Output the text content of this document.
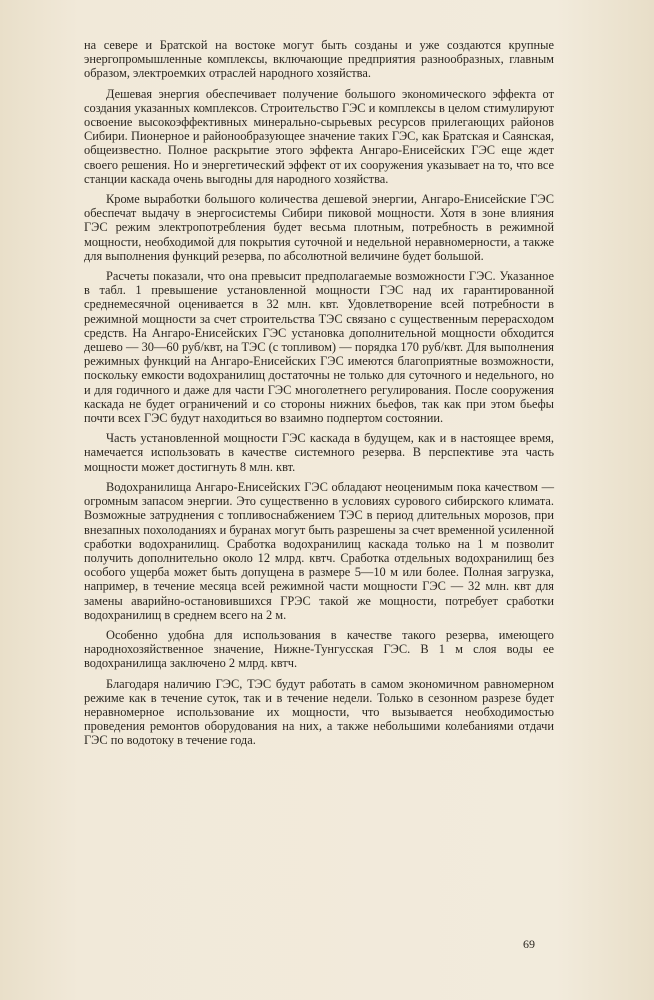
на севере и Братской на востоке могут быть созданы и уже создаются крупные энергопромышленные комплексы, включающие предприятия разнообразных, главным образом, электроемких отраслей народного хозяйства.

Дешевая энергия обеспечивает получение большого экономического эффекта от создания указанных комплексов. Строительство ГЭС и комплексы в целом стимулируют освоение высокоэффективных минерально-сырьевых ресурсов прилегающих районов Сибири. Пионерное и районообразующее значение таких ГЭС, как Братская и Саянская, общеизвестно. Полное раскрытие этого эффекта Ангаро-Енисейских ГЭС еще ждет своего решения. Но и энергетический эффект от их сооружения указывает на то, что все станции каскада очень выгодны для народного хозяйства.

Кроме выработки большого количества дешевой энергии, Ангаро-Енисейские ГЭС обеспечат выдачу в энергосистемы Сибири пиковой мощности. Хотя в зоне влияния ГЭС режим электропотребления будет весьма плотным, потребность в режимной мощности, необходимой для покрытия суточной и недельной неравномерности, а также для выполнения функций резерва, по абсолютной величине будет большой.

Расчеты показали, что она превысит предполагаемые возможности ГЭС. Указанное в табл. 1 превышение установленной мощности ГЭС над их гарантированной среднемесячной оценивается в 32 млн. квт. Удовлетворение всей потребности в режимной мощности за счет строительства ТЭС связано с существенным перерасходом средств. На Ангаро-Енисейских ГЭС установка дополнительной мощности обходится дешево — 30—60 руб/квт, на ТЭС (с топливом) — порядка 170 руб/квт. Для выполнения режимных функций на Ангаро-Енисейских ГЭС имеются благоприятные возможности, поскольку емкости водохранилищ достаточны не только для суточного и недельного, но и для годичного и даже для части ГЭС многолетнего регулирования. После сооружения каскада не будет ограничений и со стороны нижних бьефов, так как при этом бьефы почти всех ГЭС будут находиться во взаимно подпертом состоянии.

Часть установленной мощности ГЭС каскада в будущем, как и в настоящее время, намечается использовать в качестве системного резерва. В перспективе эта часть мощности может достигнуть 8 млн. квт.

Водохранилища Ангаро-Енисейских ГЭС обладают неоценимым пока качеством — огромным запасом энергии. Это существенно в условиях сурового сибирского климата. Возможные затруднения с топливоснабжением ТЭС в период длительных морозов, при внезапных похолоданиях и буранах могут быть разрешены за счет временной усиленной сработки водохранилищ. Сработка водохранилищ каскада только на 1 м позволит получить дополнительно около 12 млрд. квтч. Сработка отдельных водохранилищ без особого ущерба может быть допущена в размере 5—10 м или более. Полная загрузка, например, в течение месяца всей режимной части мощности ГЭС — 32 млн. квт для замены аварийно-остановившихся ГРЭС такой же мощности, потребует сработки водохранилищ в среднем всего на 2 м.

Особенно удобна для использования в качестве такого резерва, имеющего народнохозяйственное значение, Нижне-Тунгусская ГЭС. В 1 м слоя воды ее водохранилища заключено 2 млрд. квтч.

Благодаря наличию ГЭС, ТЭС будут работать в самом экономичном равномерном режиме как в течение суток, так и в течение недели. Только в сезонном разрезе будет неравномерное использование их мощности, что вызывается необходимостью проведения ремонтов оборудования на них, а также небольшими колебаниями отдачи ГЭС по водотоку в течение года.

69
